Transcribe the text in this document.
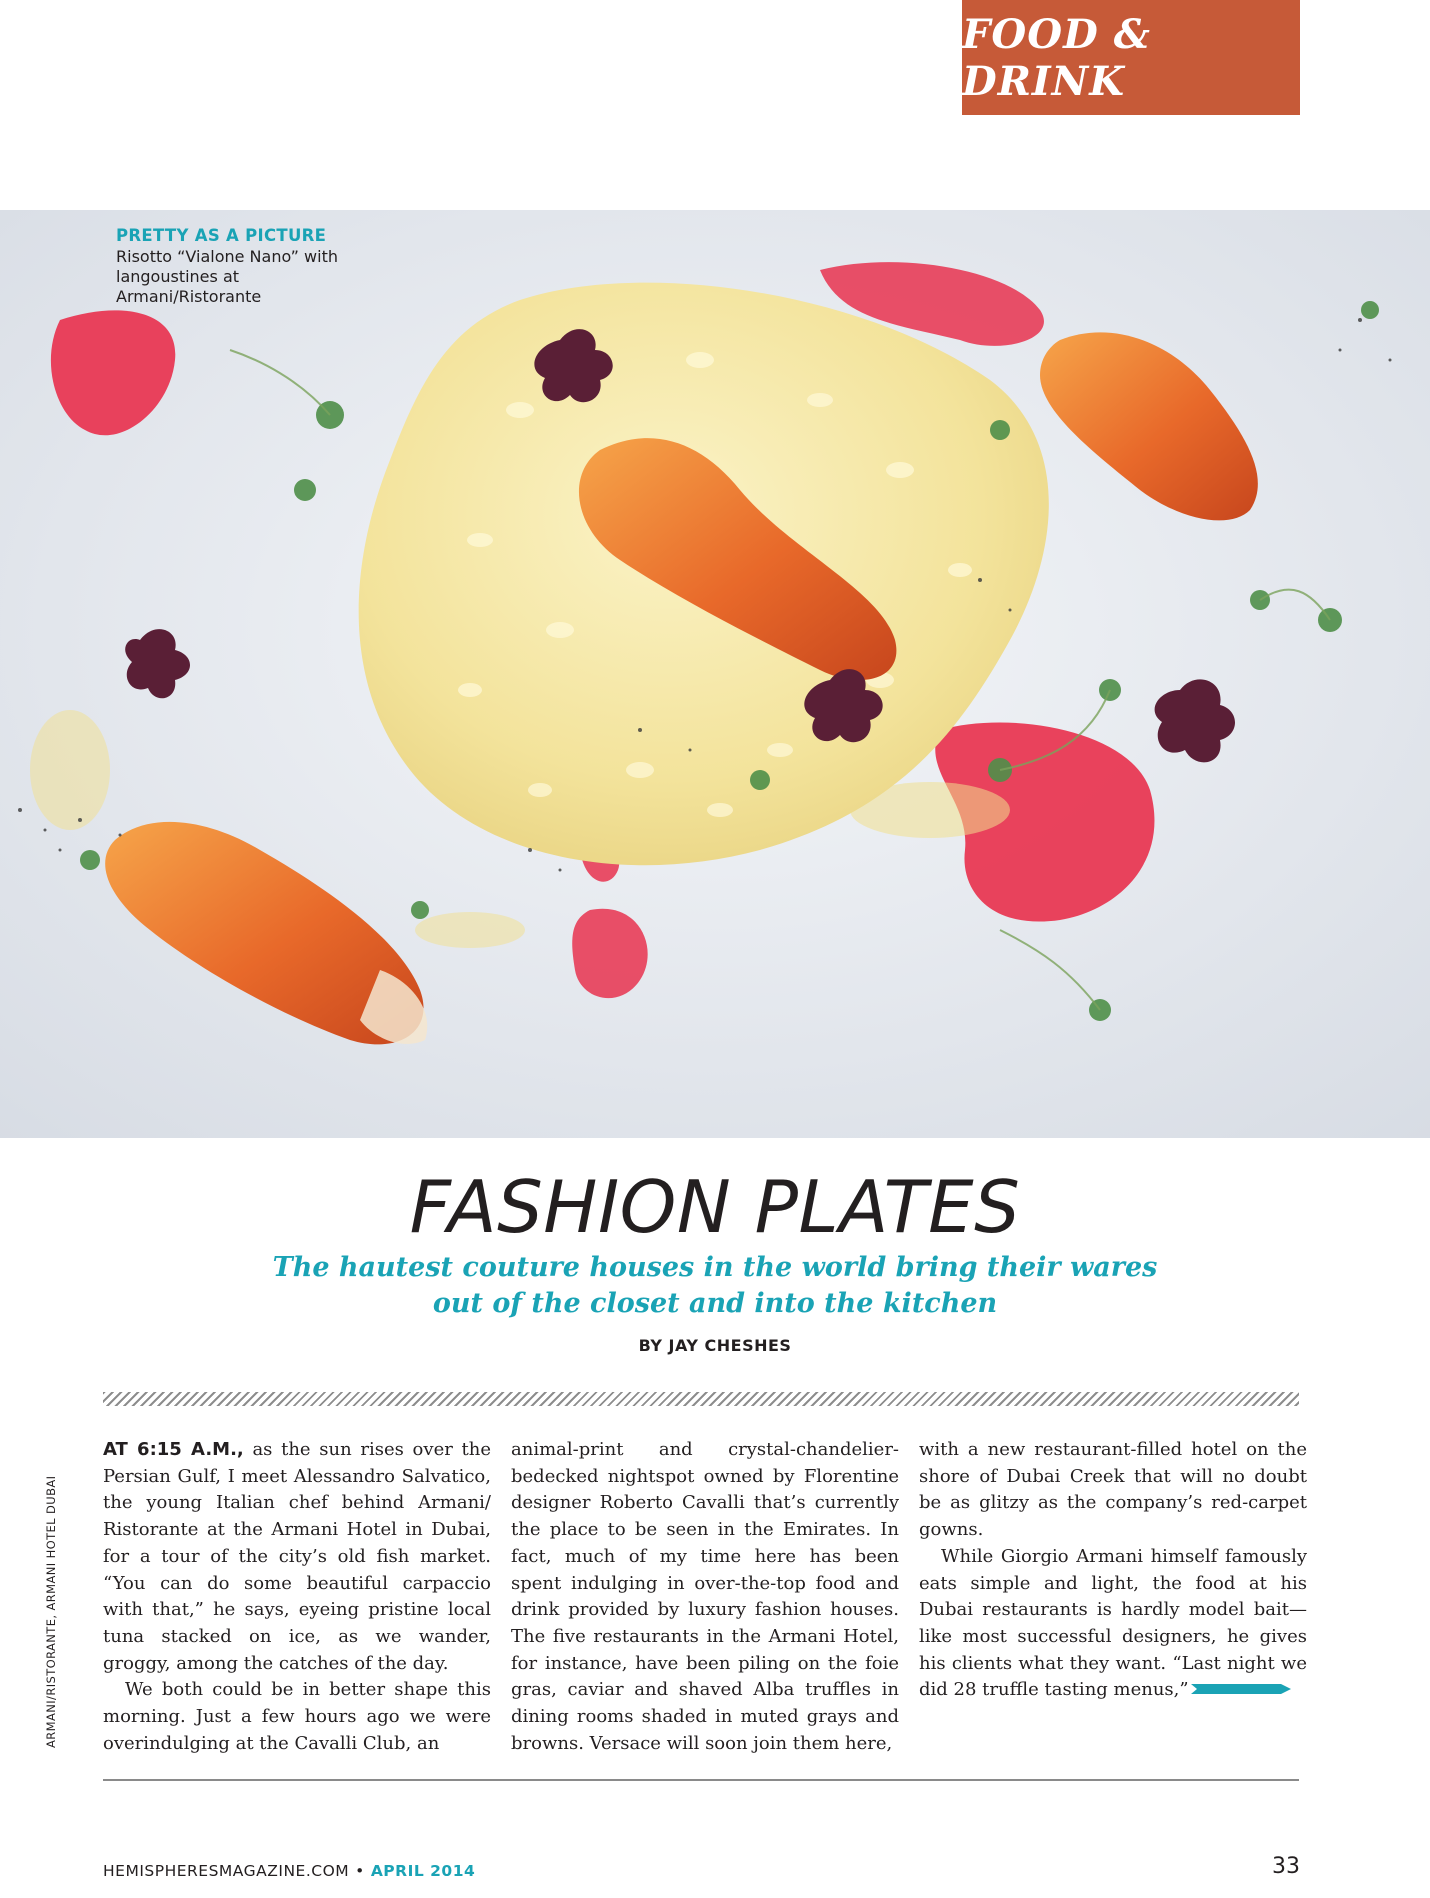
FOOD & DRINK
PRETTY AS A PICTURE
Risotto “Vialone Nano” with langoustines at Armani/Ristorante
FASHION PLATES
The hautest couture houses in the world bring their wares out of the closet and into the kitchen
BY JAY CHESHES
ARMANI/RISTORANTE, ARMANI HOTEL DUBAI

AT 6:15 A.M., as the sun rises over the Persian Gulf, I meet Alessandro Salvatico, the young Italian chef behind Armani/ Ristorante at the Armani Hotel in Dubai, for a tour of the city’s old fish market. “You can do some beautiful carpaccio with that,” he says, eyeing pristine local tuna stacked on ice, as we wander, groggy, among the catches of the day.

We both could be in better shape this morning. Just a few hours ago we were overindulging at the Cavalli Club, an

animal-print and crystal-chandelier-bedecked nightspot owned by Florentine designer Roberto Cavalli that’s currently the place to be seen in the Emirates. In fact, much of my time here has been spent indulging in over-the-top food and drink provided by luxury fashion houses. The five restaurants in the Armani Hotel, for instance, have been piling on the foie gras, caviar and shaved Alba truffles in dining rooms shaded in muted grays and browns. Versace will soon join them here,

with a new restaurant-filled hotel on the shore of Dubai Creek that will no doubt be as glitzy as the company’s red-carpet gowns.

While Giorgio Armani himself famously eats simple and light, the food at his Dubai restaurants is hardly model bait—like most successful designers, he gives his clients what they want. “Last night we did 28 truffle tasting menus,”

HEMISPHERESMAGAZINE.COM • APRIL 2014	33
